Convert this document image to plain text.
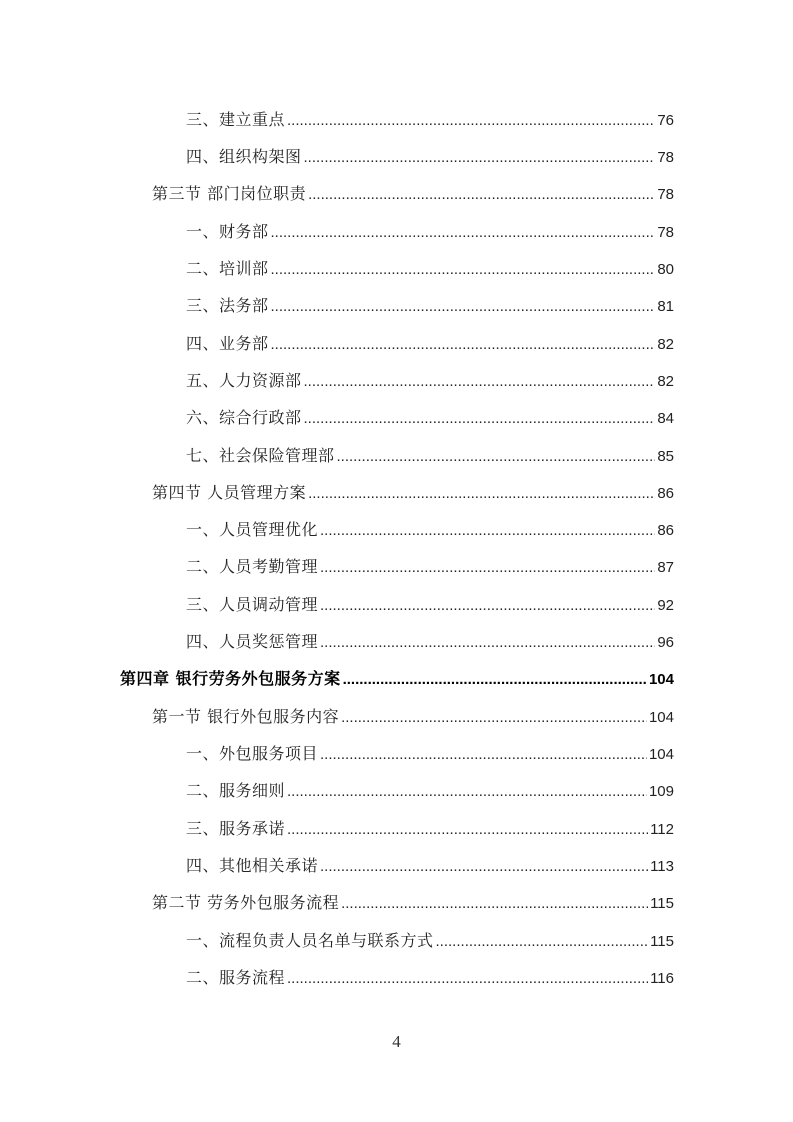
三、建立重点 .....	76
四、组织构架图 .....	78
第三节 部门岗位职责 .....	78
一、财务部 .....	78
二、培训部 .....	80
三、法务部 .....	81
四、业务部 .....	82
五、人力资源部 .....	82
六、综合行政部 .....	84
七、社会保险管理部 .....	85
第四节 人员管理方案 .....	86
一、人员管理优化 .....	86
二、人员考勤管理 .....	87
三、人员调动管理 .....	92
四、人员奖惩管理 .....	96
第四章 银行劳务外包服务方案 .....	104
第一节 银行外包服务内容 .....	104
一、外包服务项目 .....	104
二、服务细则 .....	109
三、服务承诺 .....	112
四、其他相关承诺 .....	113
第二节 劳务外包服务流程 .....	115
一、流程负责人员名单与联系方式 .....	115
二、服务流程 .....	116
4
